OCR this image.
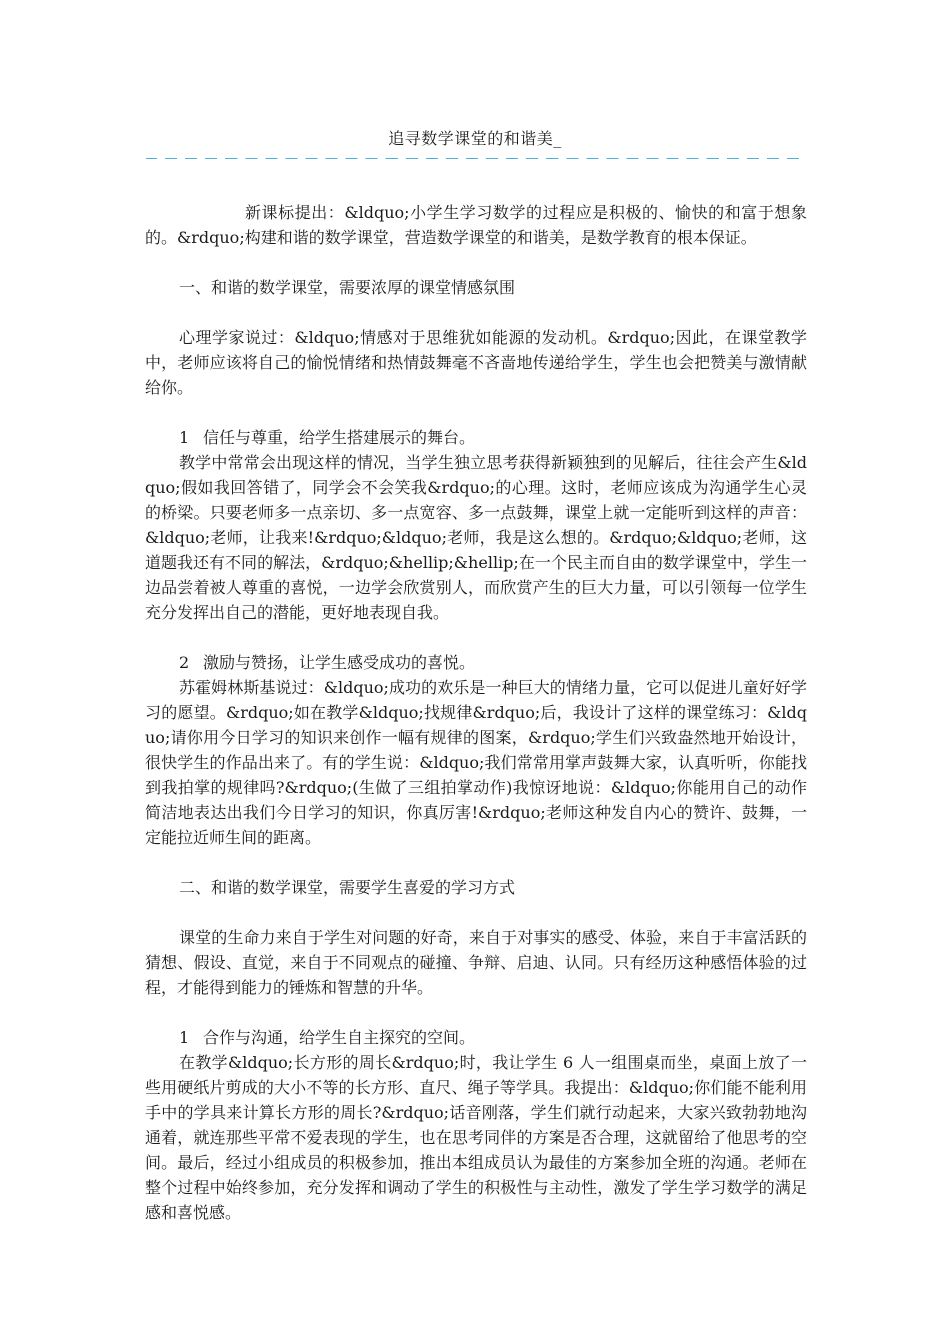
追寻数学课堂的和谐美_

新课标提出：&ldquo;小学生学习数学的过程应是积极的、愉快的和富于想象的。&rdquo;构建和谐的数学课堂，营造数学课堂的和谐美，是数学教育的根本保证。

一、和谐的数学课堂，需要浓厚的课堂情感氛围

心理学家说过：&ldquo;情感对于思维犹如能源的发动机。&rdquo;因此，在课堂教学中，老师应该将自己的愉悦情绪和热情鼓舞毫不吝啬地传递给学生，学生也会把赞美与激情献给你。

1 信任与尊重，给学生搭建展示的舞台。

教学中常常会出现这样的情况，当学生独立思考获得新颖独到的见解后，往往会产生&ldquo;假如我回答错了，同学会不会笑我&rdquo;的心理。这时，老师应该成为沟通学生心灵的桥梁。只要老师多一点亲切、多一点宽容、多一点鼓舞，课堂上就一定能听到这样的声音：&ldquo;老师，让我来!&rdquo;&ldquo;老师，我是这么想的。&rdquo;&ldquo;老师，这道题我还有不同的解法，&rdquo;&hellip;&hellip;在一个民主而自由的数学课堂中，学生一边品尝着被人尊重的喜悦，一边学会欣赏别人，而欣赏产生的巨大力量，可以引领每一位学生充分发挥出自己的潜能，更好地表现自我。

2 激励与赞扬，让学生感受成功的喜悦。

苏霍姆林斯基说过：&ldquo;成功的欢乐是一种巨大的情绪力量，它可以促进儿童好好学习的愿望。&rdquo;如在教学&ldquo;找规律&rdquo;后，我设计了这样的课堂练习：&ldquo;请你用今日学习的知识来创作一幅有规律的图案，&rdquo;学生们兴致盎然地开始设计，很快学生的作品出来了。有的学生说：&ldquo;我们常常用掌声鼓舞大家，认真听听，你能找到我拍掌的规律吗?&rdquo;(生做了三组拍掌动作)我惊讶地说：&ldquo;你能用自己的动作简洁地表达出我们今日学习的知识，你真厉害!&rdquo;老师这种发自内心的赞许、鼓舞，一定能拉近师生间的距离。

二、和谐的数学课堂，需要学生喜爱的学习方式

课堂的生命力来自于学生对问题的好奇，来自于对事实的感受、体验，来自于丰富活跃的猜想、假设、直觉，来自于不同观点的碰撞、争辩、启迪、认同。只有经历这种感悟体验的过程，才能得到能力的锤炼和智慧的升华。

1 合作与沟通，给学生自主探究的空间。

在教学&ldquo;长方形的周长&rdquo;时，我让学生 6 人一组围桌而坐，桌面上放了一些用硬纸片剪成的大小不等的长方形、直尺、绳子等学具。我提出：&ldquo;你们能不能利用手中的学具来计算长方形的周长?&rdquo;话音刚落，学生们就行动起来，大家兴致勃勃地沟通着，就连那些平常不爱表现的学生，也在思考同伴的方案是否合理，这就留给了他思考的空间。最后，经过小组成员的积极参加，推出本组成员认为最佳的方案参加全班的沟通。老师在整个过程中始终参加，充分发挥和调动了学生的积极性与主动性，激发了学生学习数学的满足感和喜悦感。
